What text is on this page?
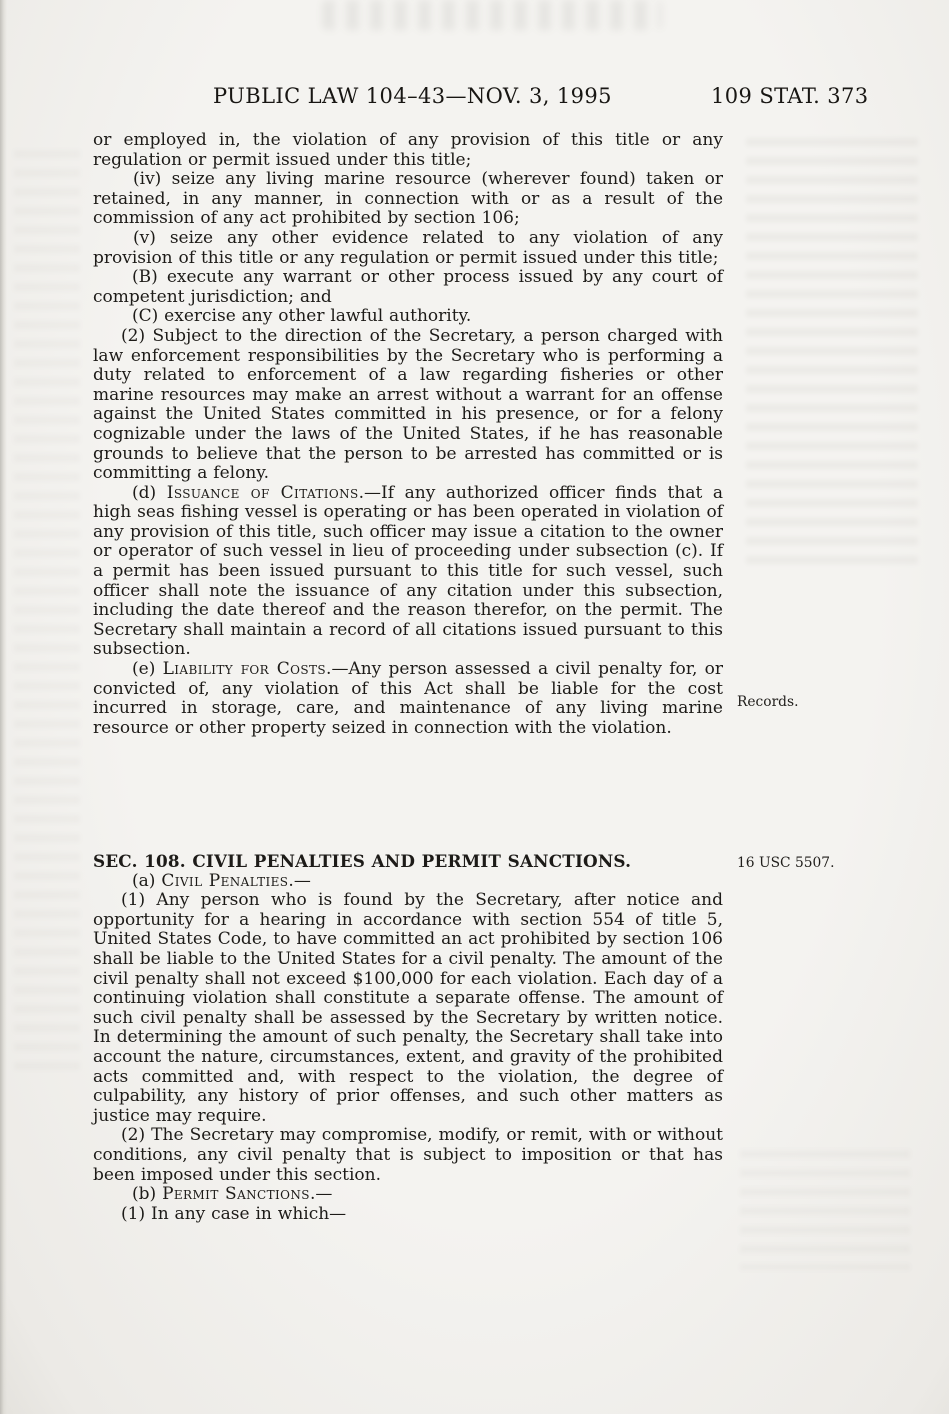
PUBLIC LAW 104–43—NOV. 3, 1995	109 STAT. 373

or employed in, the violation of any provision of this title or any regulation or permit issued under this title;

(iv) seize any living marine resource (wherever found) taken or retained, in any manner, in connection with or as a result of the commission of any act prohibited by section 106;

(v) seize any other evidence related to any violation of any provision of this title or any regulation or permit issued under this title;

(B) execute any warrant or other process issued by any court of competent jurisdiction; and

(C) exercise any other lawful authority.

(2) Subject to the direction of the Secretary, a person charged with law enforcement responsibilities by the Secretary who is performing a duty related to enforcement of a law regarding fisheries or other marine resources may make an arrest without a warrant for an offense against the United States committed in his presence, or for a felony cognizable under the laws of the United States, if he has reasonable grounds to believe that the person to be arrested has committed or is committing a felony.

(d) Issuance of Citations.—If any authorized officer finds that a high seas fishing vessel is operating or has been operated in violation of any provision of this title, such officer may issue a citation to the owner or operator of such vessel in lieu of proceeding under subsection (c). If a permit has been issued pursuant to this title for such vessel, such officer shall note the issuance of any citation under this subsection, including the date thereof and the reason therefor, on the permit. The Secretary shall maintain a record of all citations issued pursuant to this subsection.

(e) Liability for Costs.—Any person assessed a civil penalty for, or convicted of, any violation of this Act shall be liable for the cost incurred in storage, care, and maintenance of any living marine resource or other property seized in connection with the violation.

SEC. 108. CIVIL PENALTIES AND PERMIT SANCTIONS.

(a) Civil Penalties.—

(1) Any person who is found by the Secretary, after notice and opportunity for a hearing in accordance with section 554 of title 5, United States Code, to have committed an act prohibited by section 106 shall be liable to the United States for a civil penalty. The amount of the civil penalty shall not exceed $100,000 for each violation. Each day of a continuing violation shall constitute a separate offense. The amount of such civil penalty shall be assessed by the Secretary by written notice. In determining the amount of such penalty, the Secretary shall take into account the nature, circumstances, extent, and gravity of the prohibited acts committed and, with respect to the violation, the degree of culpability, any history of prior offenses, and such other matters as justice may require.

(2) The Secretary may compromise, modify, or remit, with or without conditions, any civil penalty that is subject to imposition or that has been imposed under this section.

(b) Permit Sanctions.—

(1) In any case in which—

Records.
16 USC 5507.
